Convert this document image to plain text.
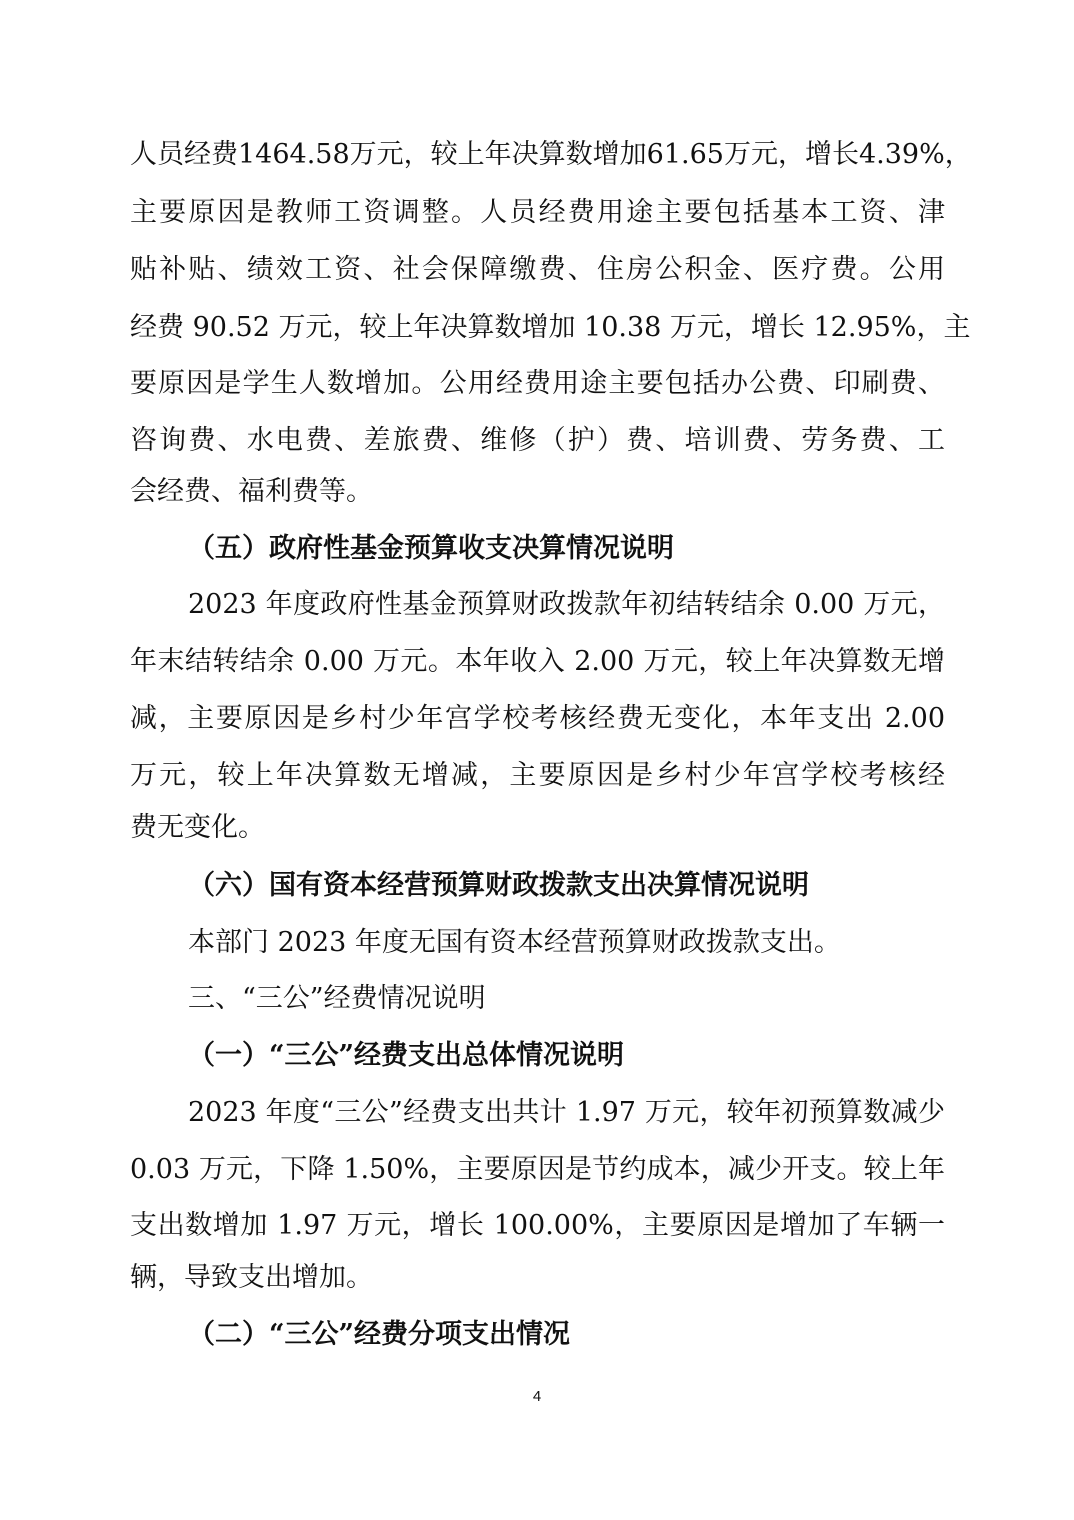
人员经费1464.58万元，较上年决算数增加61.65万元，增长4.39%，
主要原因是教师工资调整。人员经费用途主要包括基本工资、津
贴补贴、绩效工资、社会保障缴费、住房公积金、医疗费。公用
经费 90.52 万元，较上年决算数增加 10.38 万元，增长 12.95%，主
要原因是学生人数增加。公用经费用途主要包括办公费、印刷费、
咨询费、水电费、差旅费、维修（护）费、培训费、劳务费、工
会经费、福利费等。
（五）政府性基金预算收支决算情况说明
2023 年度政府性基金预算财政拨款年初结转结余 0.00 万元，
年末结转结余 0.00 万元。本年收入 2.00 万元，较上年决算数无增
减，主要原因是乡村少年宫学校考核经费无变化，本年支出 2.00
万元，较上年决算数无增减，主要原因是乡村少年宫学校考核经
费无变化。
（六）国有资本经营预算财政拨款支出决算情况说明
本部门 2023 年度无国有资本经营预算财政拨款支出。
三、“三公”经费情况说明
（一）“三公”经费支出总体情况说明
2023 年度“三公”经费支出共计 1.97 万元，较年初预算数减少
0.03 万元，下降 1.50%，主要原因是节约成本，减少开支。较上年
支出数增加 1.97 万元，增长 100.00%，主要原因是增加了车辆一
辆，导致支出增加。
（二）“三公”经费分项支出情况
4
